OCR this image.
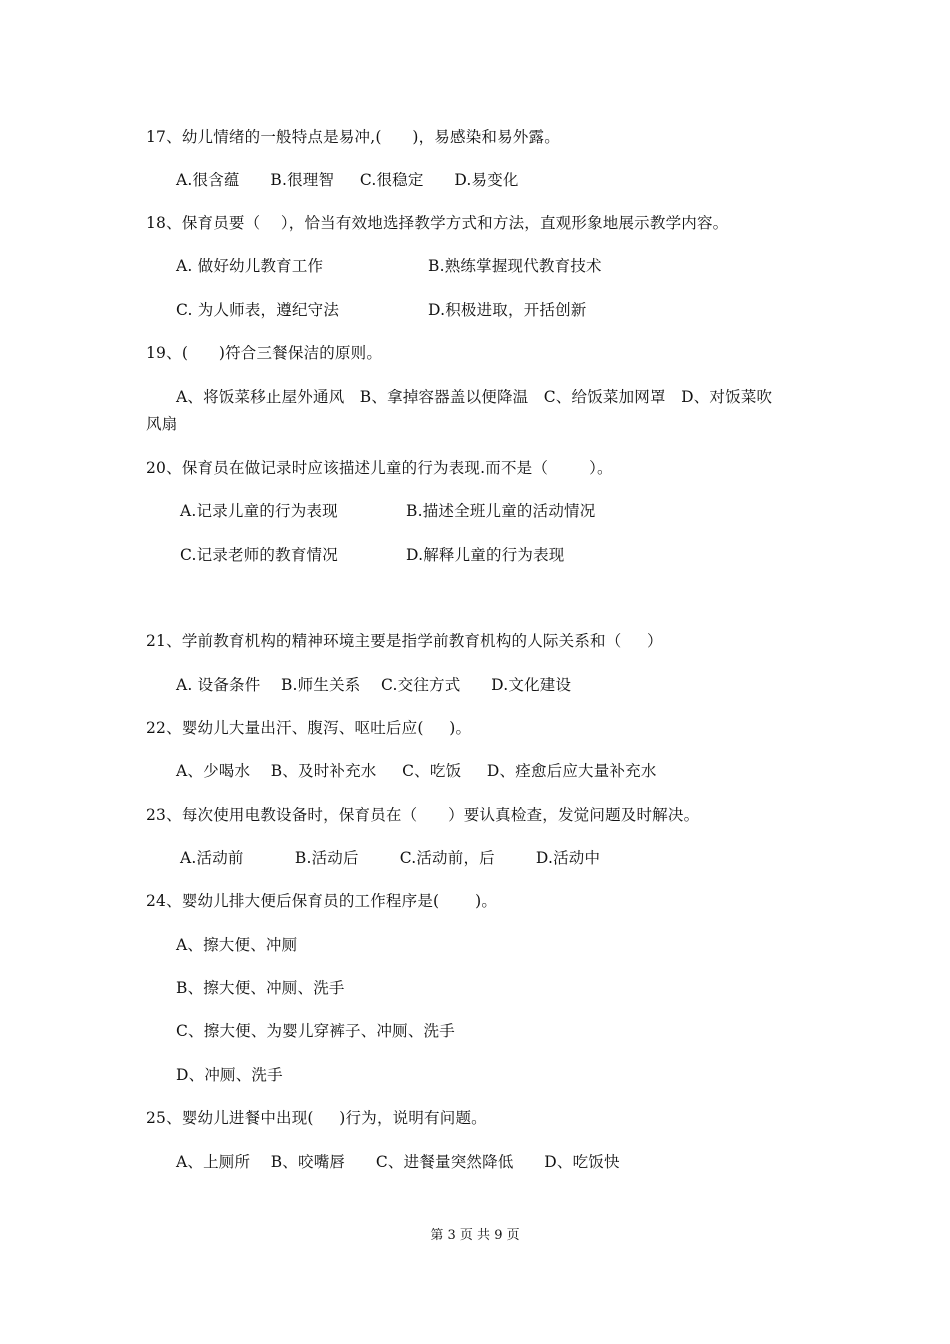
17、幼儿情绪的一般特点是易冲,(      )，易感染和易外露。
A.很含蕴      B.很理智     C.很稳定      D.易变化
18、保育员要（    ），恰当有效地选择教学方式和方法，直观形象地展示教学内容。
A. 做好幼儿教育工作	B.熟练掌握现代教育技术
C. 为人师表，遵纪守法	D.积极进取，开括创新
19、(      )符合三餐保洁的原则。
A、将饭菜移止屋外通风   B、拿掉容器盖以便降温   C、给饭菜加网罩   D、对饭菜吹
风扇
20、保育员在做记录时应该描述儿童的行为表现.而不是（        ）。
A.记录儿童的行为表现	B.描述全班儿童的活动情况
C.记录老师的教育情况	D.解释儿童的行为表现
21、学前教育机构的精神环境主要是指学前教育机构的人际关系和（     ）
A. 设备条件    B.师生关系    C.交往方式      D.文化建设
22、婴幼儿大量出汗、腹泻、呕吐后应(     )。
A、少喝水    B、及时补充水     C、吃饭     D、痊愈后应大量补充水
23、每次使用电教设备时，保育员在（      ）要认真检查，发觉问题及时解决。
A.活动前          B.活动后        C.活动前，后        D.活动中
24、婴幼儿排大便后保育员的工作程序是(       )。
A、擦大便、冲厕
B、擦大便、冲厕、洗手
C、擦大便、为婴儿穿裤子、冲厕、洗手
D、冲厕、洗手
25、婴幼儿进餐中出现(     )行为，说明有问题。
A、上厕所    B、咬嘴唇      C、进餐量突然降低      D、吃饭快
第 3 页 共 9 页
